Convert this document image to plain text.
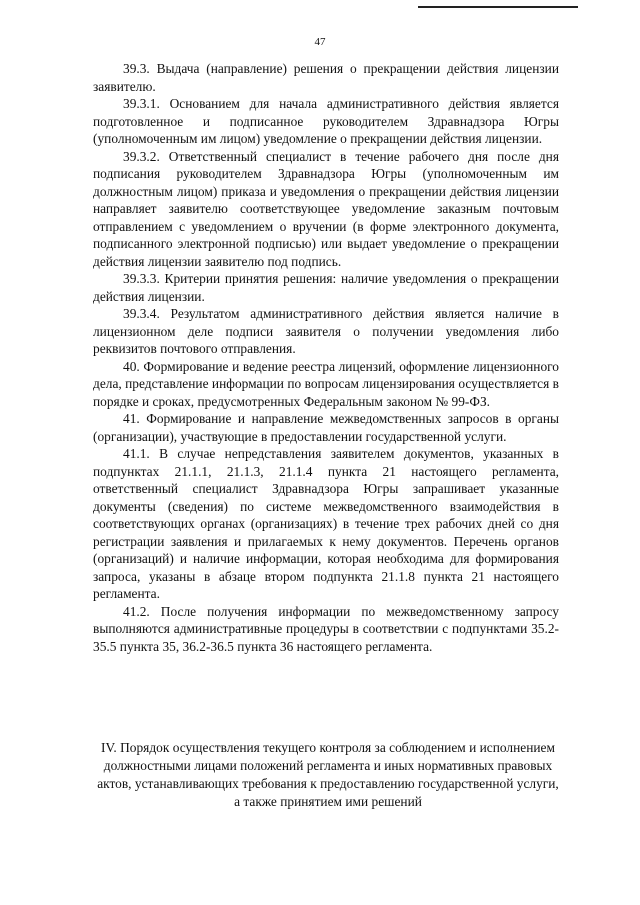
47

39.3. Выдача (направление) решения о прекращении действия лицензии заявителю.

39.3.1. Основанием для начала административного действия является подготовленное и подписанное руководителем Здравнадзора Югры (уполномоченным им лицом) уведомление о прекращении действия лицензии.

39.3.2. Ответственный специалист в течение рабочего дня после дня подписания руководителем Здравнадзора Югры (уполномоченным им должностным лицом) приказа и уведомления о прекращении действия лицензии направляет заявителю соответствующее уведомление заказным почтовым отправлением с уведомлением о вручении (в форме электронного документа, подписанного электронной подписью) или выдает уведомление о прекращении действия лицензии заявителю под подпись.

39.3.3. Критерии принятия решения: наличие уведомления о прекращении действия лицензии.

39.3.4. Результатом административного действия является наличие в лицензионном деле подписи заявителя о получении уведомления либо реквизитов почтового отправления.

40. Формирование и ведение реестра лицензий, оформление лицензионного дела, представление информации по вопросам лицензирования осуществляется в порядке и сроках, предусмотренных Федеральным законом № 99-ФЗ.

41. Формирование и направление межведомственных запросов в органы (организации), участвующие в предоставлении государственной услуги.

41.1. В случае непредставления заявителем документов, указанных в подпунктах 21.1.1, 21.1.3, 21.1.4 пункта 21 настоящего регламента, ответственный специалист Здравнадзора Югры запрашивает указанные документы (сведения) по системе межведомственного взаимодействия в соответствующих органах (организациях) в течение трех рабочих дней со дня регистрации заявления и прилагаемых к нему документов. Перечень органов (организаций) и наличие информации, которая необходима для формирования запроса, указаны в абзаце втором подпункта 21.1.8 пункта 21 настоящего регламента.

41.2. После получения информации по межведомственному запросу выполняются административные процедуры в соответствии с подпунктами 35.2-35.5 пункта 35, 36.2-36.5 пункта 36 настоящего регламента.

IV. Порядок осуществления текущего контроля за соблюдением и исполнением должностными лицами положений регламента и иных нормативных правовых актов, устанавливающих требования к предоставлению государственной услуги, а также принятием ими решений
